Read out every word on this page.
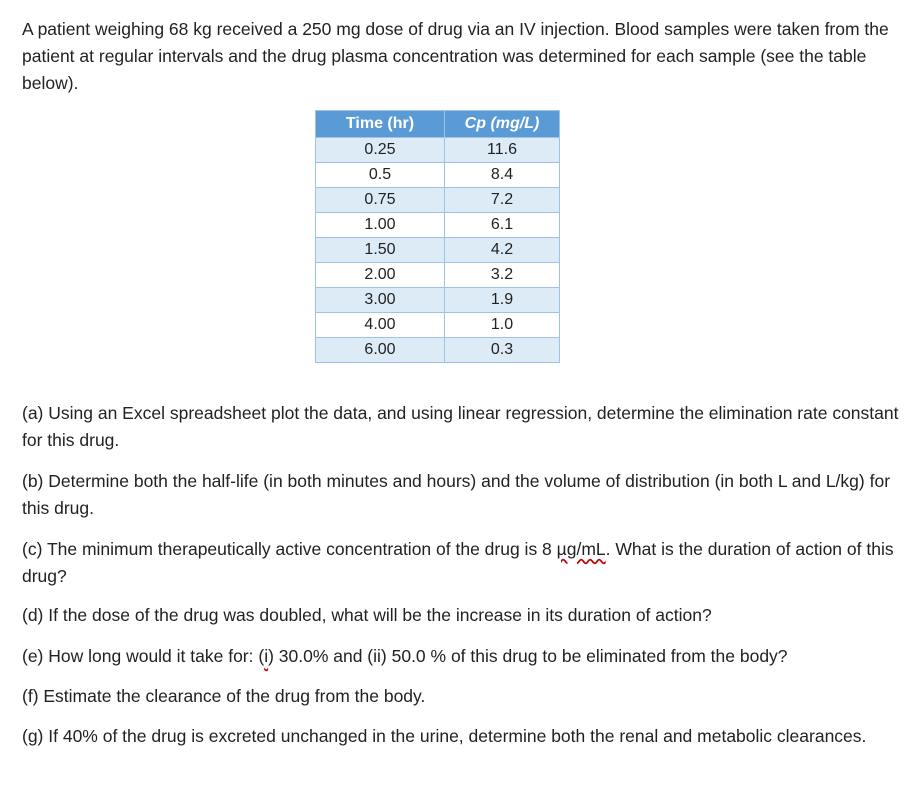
A patient weighing 68 kg received a 250 mg dose of drug via an IV injection. Blood samples were taken from the patient at regular intervals and the drug plasma concentration was determined for each sample (see the table below).

Time (hr)	Cp (mg/L)
0.25	11.6
0.5	8.4
0.75	7.2
1.00	6.1
1.50	4.2
2.00	3.2
3.00	1.9
4.00	1.0
6.00	0.3

(a) Using an Excel spreadsheet plot the data, and using linear regression, determine the elimination rate constant for this drug.

(b) Determine both the half-life (in both minutes and hours) and the volume of distribution (in both L and L/kg) for this drug.

(c) The minimum therapeutically active concentration of the drug is 8 µg/mL. What is the duration of action of this drug?

(d) If the dose of the drug was doubled, what will be the increase in its duration of action?

(e) How long would it take for: (i) 30.0% and (ii) 50.0 % of this drug to be eliminated from the body?

(f) Estimate the clearance of the drug from the body.

(g) If 40% of the drug is excreted unchanged in the urine, determine both the renal and metabolic clearances.
